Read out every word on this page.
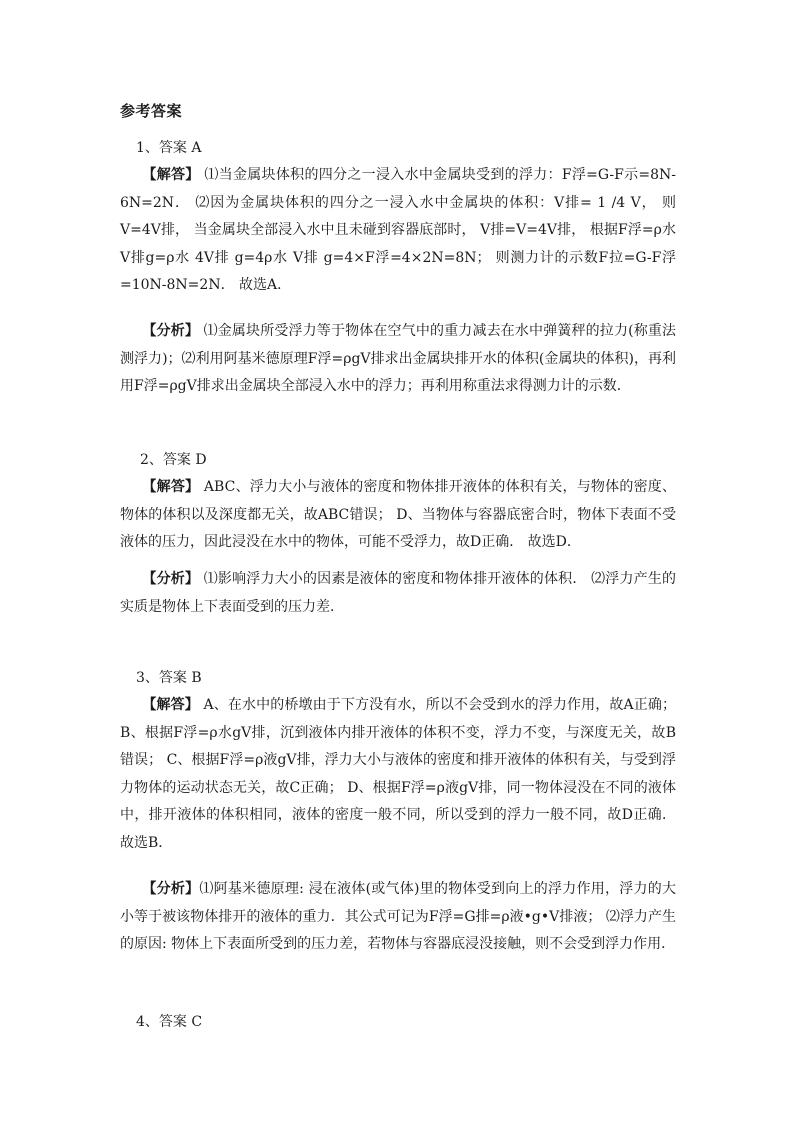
参考答案
1、答案 A
【解答】 ⑴当金属块体积的四分之一浸入水中金属块受到的浮力：F浮=G-F示=8N-6N=2N． ⑵因为金属块体积的四分之一浸入水中金属块的体积：V排= 1 /4 V， 则V=4V排， 当金属块全部浸入水中且未碰到容器底部时， V排=V=4V排， 根据F浮=ρ水V排g=ρ水 4V排 g=4ρ水 V排 g=4×F浮=4×2N=8N； 则测力计的示数F拉=G-F浮=10N-8N=2N． 故选A．
【分析】 ⑴金属块所受浮力等于物体在空气中的重力减去在水中弹簧秤的拉力(称重法测浮力)；⑵利用阿基米德原理F浮=ρgV排求出金属块排开水的体积(金属块的体积)，再利用F浮=ρgV排求出金属块全部浸入水中的浮力；再利用称重法求得测力计的示数．
2、答案 D
【解答】 ABC、浮力大小与液体的密度和物体排开液体的体积有关，与物体的密度、物体的体积以及深度都无关，故ABC错误； D、当物体与容器底密合时，物体下表面不受液体的压力，因此浸没在水中的物体，可能不受浮力，故D正确． 故选D．
【分析】 ⑴影响浮力大小的因素是液体的密度和物体排开液体的体积． ⑵浮力产生的实质是物体上下表面受到的压力差．
3、答案 B
【解答】 A、在水中的桥墩由于下方没有水，所以不会受到水的浮力作用，故A正确；B、根据F浮=ρ水gV排，沉到液体内排开液体的体积不变，浮力不变，与深度无关，故B错误； C、根据F浮=ρ液gV排，浮力大小与液体的密度和排开液体的体积有关，与受到浮力物体的运动状态无关，故C正确； D、根据F浮=ρ液gV排，同一物体浸没在不同的液体中，排开液体的体积相同，液体的密度一般不同，所以受到的浮力一般不同，故D正确． 故选B．
【分析】⑴阿基米德原理: 浸在液体(或气体)里的物体受到向上的浮力作用，浮力的大小等于被该物体排开的液体的重力．其公式可记为F浮=G排=ρ液•g•V排液； ⑵浮力产生的原因: 物体上下表面所受到的压力差，若物体与容器底浸没接触，则不会受到浮力作用．
4、答案 C
